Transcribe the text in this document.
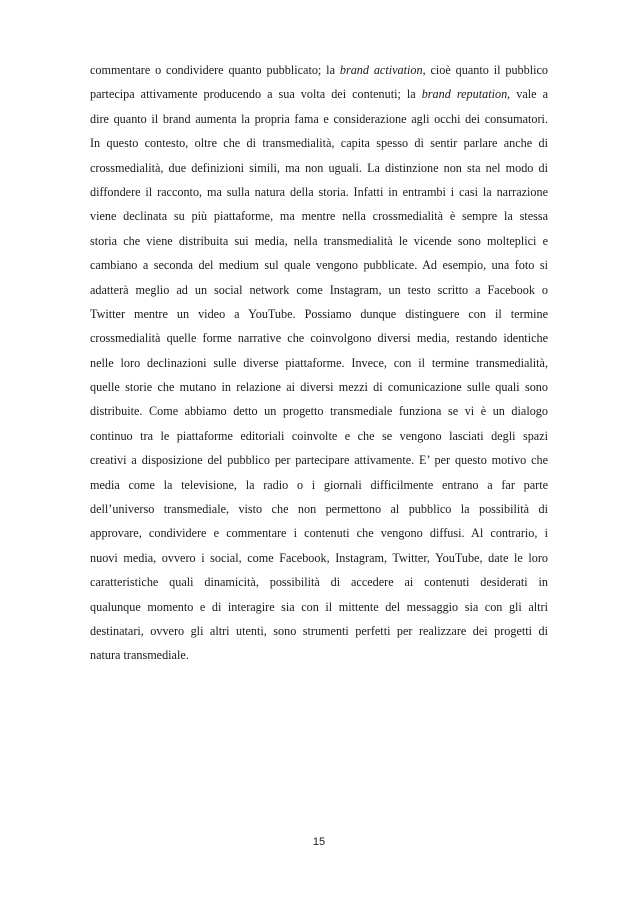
commentare o condividere quanto pubblicato; la brand activation, cioè quanto il pubblico
partecipa attivamente producendo a sua volta dei contenuti; la brand reputation, vale a
dire quanto il brand aumenta la propria fama e considerazione agli occhi dei consumatori.
In questo contesto, oltre che di transmedialità, capita spesso di sentir parlare anche di
crossmedialità, due definizioni simili, ma non uguali. La distinzione non sta nel modo di
diffondere il racconto, ma sulla natura della storia. Infatti in entrambi i casi la narrazione
viene declinata su più piattaforme, ma mentre nella crossmedialità è sempre la stessa
storia che viene distribuita sui media, nella transmedialità le vicende sono molteplici e
cambiano a seconda del medium sul quale vengono pubblicate. Ad esempio, una foto si
adatterà meglio ad un social network come Instagram, un testo scritto a Facebook o
Twitter mentre un video a YouTube. Possiamo dunque distinguere con il termine
crossmedialità quelle forme narrative che coinvolgono diversi media, restando identiche
nelle loro declinazioni sulle diverse piattaforme. Invece, con il termine transmedialità,
quelle storie che mutano in relazione ai diversi mezzi di comunicazione sulle quali sono
distribuite. Come abbiamo detto un progetto transmediale funziona se vi è un dialogo
continuo tra le piattaforme editoriali coinvolte e che se vengono lasciati degli spazi
creativi a disposizione del pubblico per partecipare attivamente. E’ per questo motivo che
media come la televisione, la radio o i giornali difficilmente entrano a far parte
dell’universo transmediale, visto che non permettono al pubblico la possibilità di
approvare, condividere e commentare i contenuti che vengono diffusi. Al contrario, i
nuovi media, ovvero i social, come Facebook, Instagram, Twitter, YouTube, date le loro
caratteristiche quali dinamicità, possibilità di accedere ai contenuti desiderati in
qualunque momento e di interagire sia con il mittente del messaggio sia con gli altri
destinatari, ovvero gli altri utenti, sono strumenti perfetti per realizzare dei progetti di
natura transmediale.
15
